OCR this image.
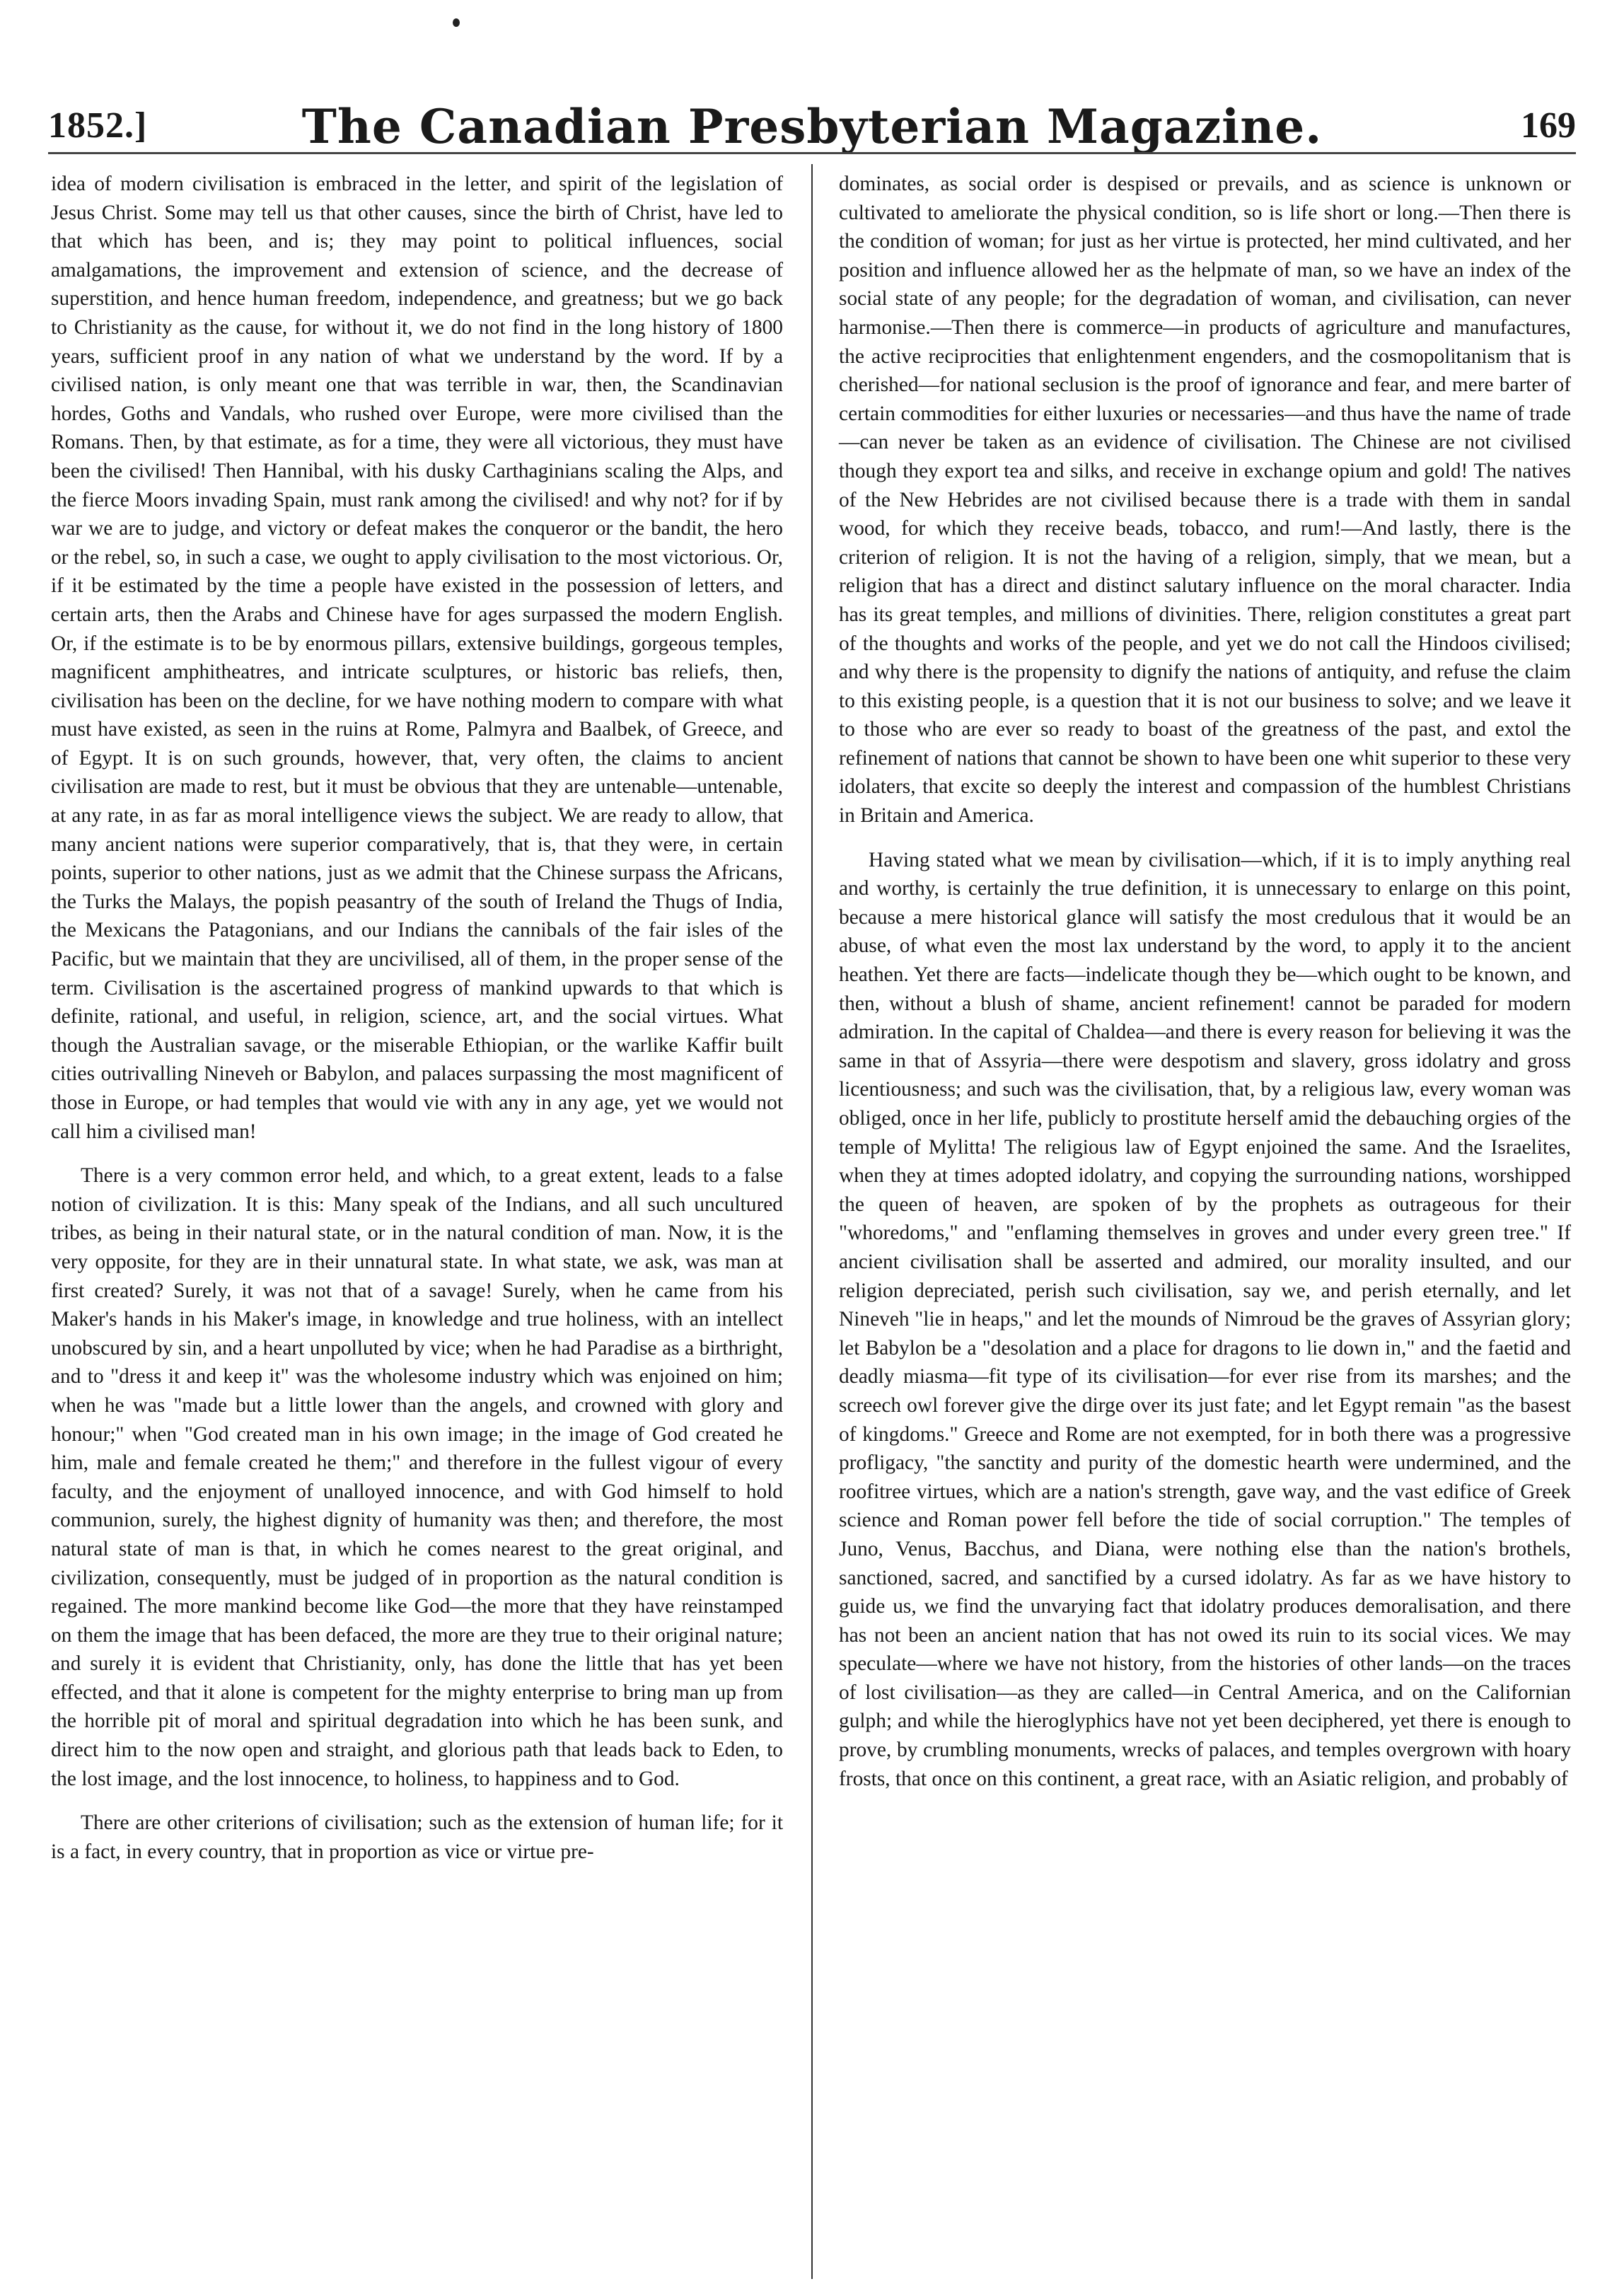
1852.]	The Canadian Presbyterian Magazine.	169

idea of modern civilisation is embraced in the letter, and spirit of the legislation of Jesus Christ. Some may tell us that other causes, since the birth of Christ, have led to that which has been, and is; they may point to political influences, social amalgamations, the improvement and extension of science, and the decrease of superstition, and hence human freedom, independence, and greatness; but we go back to Christianity as the cause, for without it, we do not find in the long history of 1800 years, sufficient proof in any nation of what we understand by the word. If by a civilised nation, is only meant one that was terrible in war, then, the Scandinavian hordes, Goths and Vandals, who rushed over Europe, were more civilised than the Romans. Then, by that estimate, as for a time, they were all victorious, they must have been the civilised! Then Hannibal, with his dusky Carthaginians scaling the Alps, and the fierce Moors invading Spain, must rank among the civilised! and why not? for if by war we are to judge, and victory or defeat makes the conqueror or the bandit, the hero or the rebel, so, in such a case, we ought to apply civilisation to the most victorious. Or, if it be estimated by the time a people have existed in the possession of letters, and certain arts, then the Arabs and Chinese have for ages surpassed the modern English. Or, if the estimate is to be by enormous pillars, extensive buildings, gorgeous temples, magnificent amphitheatres, and intricate sculptures, or historic bas reliefs, then, civilisation has been on the decline, for we have nothing modern to compare with what must have existed, as seen in the ruins at Rome, Palmyra and Baalbek, of Greece, and of Egypt. It is on such grounds, however, that, very often, the claims to ancient civilisation are made to rest, but it must be obvious that they are untenable—untenable, at any rate, in as far as moral intelligence views the subject. We are ready to allow, that many ancient nations were superior comparatively, that is, that they were, in certain points, superior to other nations, just as we admit that the Chinese surpass the Africans, the Turks the Malays, the popish peasantry of the south of Ireland the Thugs of India, the Mexicans the Patagonians, and our Indians the cannibals of the fair isles of the Pacific, but we maintain that they are uncivilised, all of them, in the proper sense of the term. Civilisation is the ascertained progress of mankind upwards to that which is definite, rational, and useful, in religion, science, art, and the social virtues. What though the Australian savage, or the miserable Ethiopian, or the warlike Kaffir built cities outrivalling Nineveh or Babylon, and palaces surpassing the most magnificent of those in Europe, or had temples that would vie with any in any age, yet we would not call him a civilised man!

There is a very common error held, and which, to a great extent, leads to a false notion of civilization. It is this: Many speak of the Indians, and all such uncultured tribes, as being in their natural state, or in the natural condition of man. Now, it is the very opposite, for they are in their unnatural state. In what state, we ask, was man at first created? Surely, it was not that of a savage! Surely, when he came from his Maker's hands in his Maker's image, in knowledge and true holiness, with an intellect unobscured by sin, and a heart unpolluted by vice; when he had Paradise as a birthright, and to "dress it and keep it" was the wholesome industry which was enjoined on him; when he was "made but a little lower than the angels, and crowned with glory and honour;" when "God created man in his own image; in the image of God created he him, male and female created he them;" and therefore in the fullest vigour of every faculty, and the enjoyment of unalloyed innocence, and with God himself to hold communion, surely, the highest dignity of humanity was then; and therefore, the most natural state of man is that, in which he comes nearest to the great original, and civilization, consequently, must be judged of in proportion as the natural condition is regained. The more mankind become like God—the more that they have reinstamped on them the image that has been defaced, the more are they true to their original nature; and surely it is evident that Christianity, only, has done the little that has yet been effected, and that it alone is competent for the mighty enterprise to bring man up from the horrible pit of moral and spiritual degradation into which he has been sunk, and direct him to the now open and straight, and glorious path that leads back to Eden, to the lost image, and the lost innocence, to holiness, to happiness and to God.

There are other criterions of civilisation; such as the extension of human life; for it is a fact, in every country, that in proportion as vice or virtue pre-

dominates, as social order is despised or prevails, and as science is unknown or cultivated to ameliorate the physical condition, so is life short or long.—Then there is the condition of woman; for just as her virtue is protected, her mind cultivated, and her position and influence allowed her as the helpmate of man, so we have an index of the social state of any people; for the degradation of woman, and civilisation, can never harmonise.—Then there is commerce—in products of agriculture and manufactures, the active reciprocities that enlightenment engenders, and the cosmopolitanism that is cherished—for national seclusion is the proof of ignorance and fear, and mere barter of certain commodities for either luxuries or necessaries—and thus have the name of trade—can never be taken as an evidence of civilisation. The Chinese are not civilised though they export tea and silks, and receive in exchange opium and gold! The natives of the New Hebrides are not civilised because there is a trade with them in sandal wood, for which they receive beads, tobacco, and rum!—And lastly, there is the criterion of religion. It is not the having of a religion, simply, that we mean, but a religion that has a direct and distinct salutary influence on the moral character. India has its great temples, and millions of divinities. There, religion constitutes a great part of the thoughts and works of the people, and yet we do not call the Hindoos civilised; and why there is the propensity to dignify the nations of antiquity, and refuse the claim to this existing people, is a question that it is not our business to solve; and we leave it to those who are ever so ready to boast of the greatness of the past, and extol the refinement of nations that cannot be shown to have been one whit superior to these very idolaters, that excite so deeply the interest and compassion of the humblest Christians in Britain and America.

Having stated what we mean by civilisation—which, if it is to imply anything real and worthy, is certainly the true definition, it is unnecessary to enlarge on this point, because a mere historical glance will satisfy the most credulous that it would be an abuse, of what even the most lax understand by the word, to apply it to the ancient heathen. Yet there are facts—indelicate though they be—which ought to be known, and then, without a blush of shame, ancient refinement! cannot be paraded for modern admiration. In the capital of Chaldea—and there is every reason for believing it was the same in that of Assyria—there were despotism and slavery, gross idolatry and gross licentiousness; and such was the civilisation, that, by a religious law, every woman was obliged, once in her life, publicly to prostitute herself amid the debauching orgies of the temple of Mylitta! The religious law of Egypt enjoined the same. And the Israelites, when they at times adopted idolatry, and copying the surrounding nations, worshipped the queen of heaven, are spoken of by the prophets as outrageous for their "whoredoms," and "enflaming themselves in groves and under every green tree." If ancient civilisation shall be asserted and admired, our morality insulted, and our religion depreciated, perish such civilisation, say we, and perish eternally, and let Nineveh "lie in heaps," and let the mounds of Nimroud be the graves of Assyrian glory; let Babylon be a "desolation and a place for dragons to lie down in," and the faetid and deadly miasma—fit type of its civilisation—for ever rise from its marshes; and the screech owl forever give the dirge over its just fate; and let Egypt remain "as the basest of kingdoms." Greece and Rome are not exempted, for in both there was a progressive profligacy, "the sanctity and purity of the domestic hearth were undermined, and the roofitree virtues, which are a nation's strength, gave way, and the vast edifice of Greek science and Roman power fell before the tide of social corruption." The temples of Juno, Venus, Bacchus, and Diana, were nothing else than the nation's brothels, sanctioned, sacred, and sanctified by a cursed idolatry. As far as we have history to guide us, we find the unvarying fact that idolatry produces demoralisation, and there has not been an ancient nation that has not owed its ruin to its social vices. We may speculate—where we have not history, from the histories of other lands—on the traces of lost civilisation—as they are called—in Central America, and on the Californian gulph; and while the hieroglyphics have not yet been deciphered, yet there is enough to prove, by crumbling monuments, wrecks of palaces, and temples overgrown with hoary frosts, that once on this continent, a great race, with an Asiatic religion, and probably of
